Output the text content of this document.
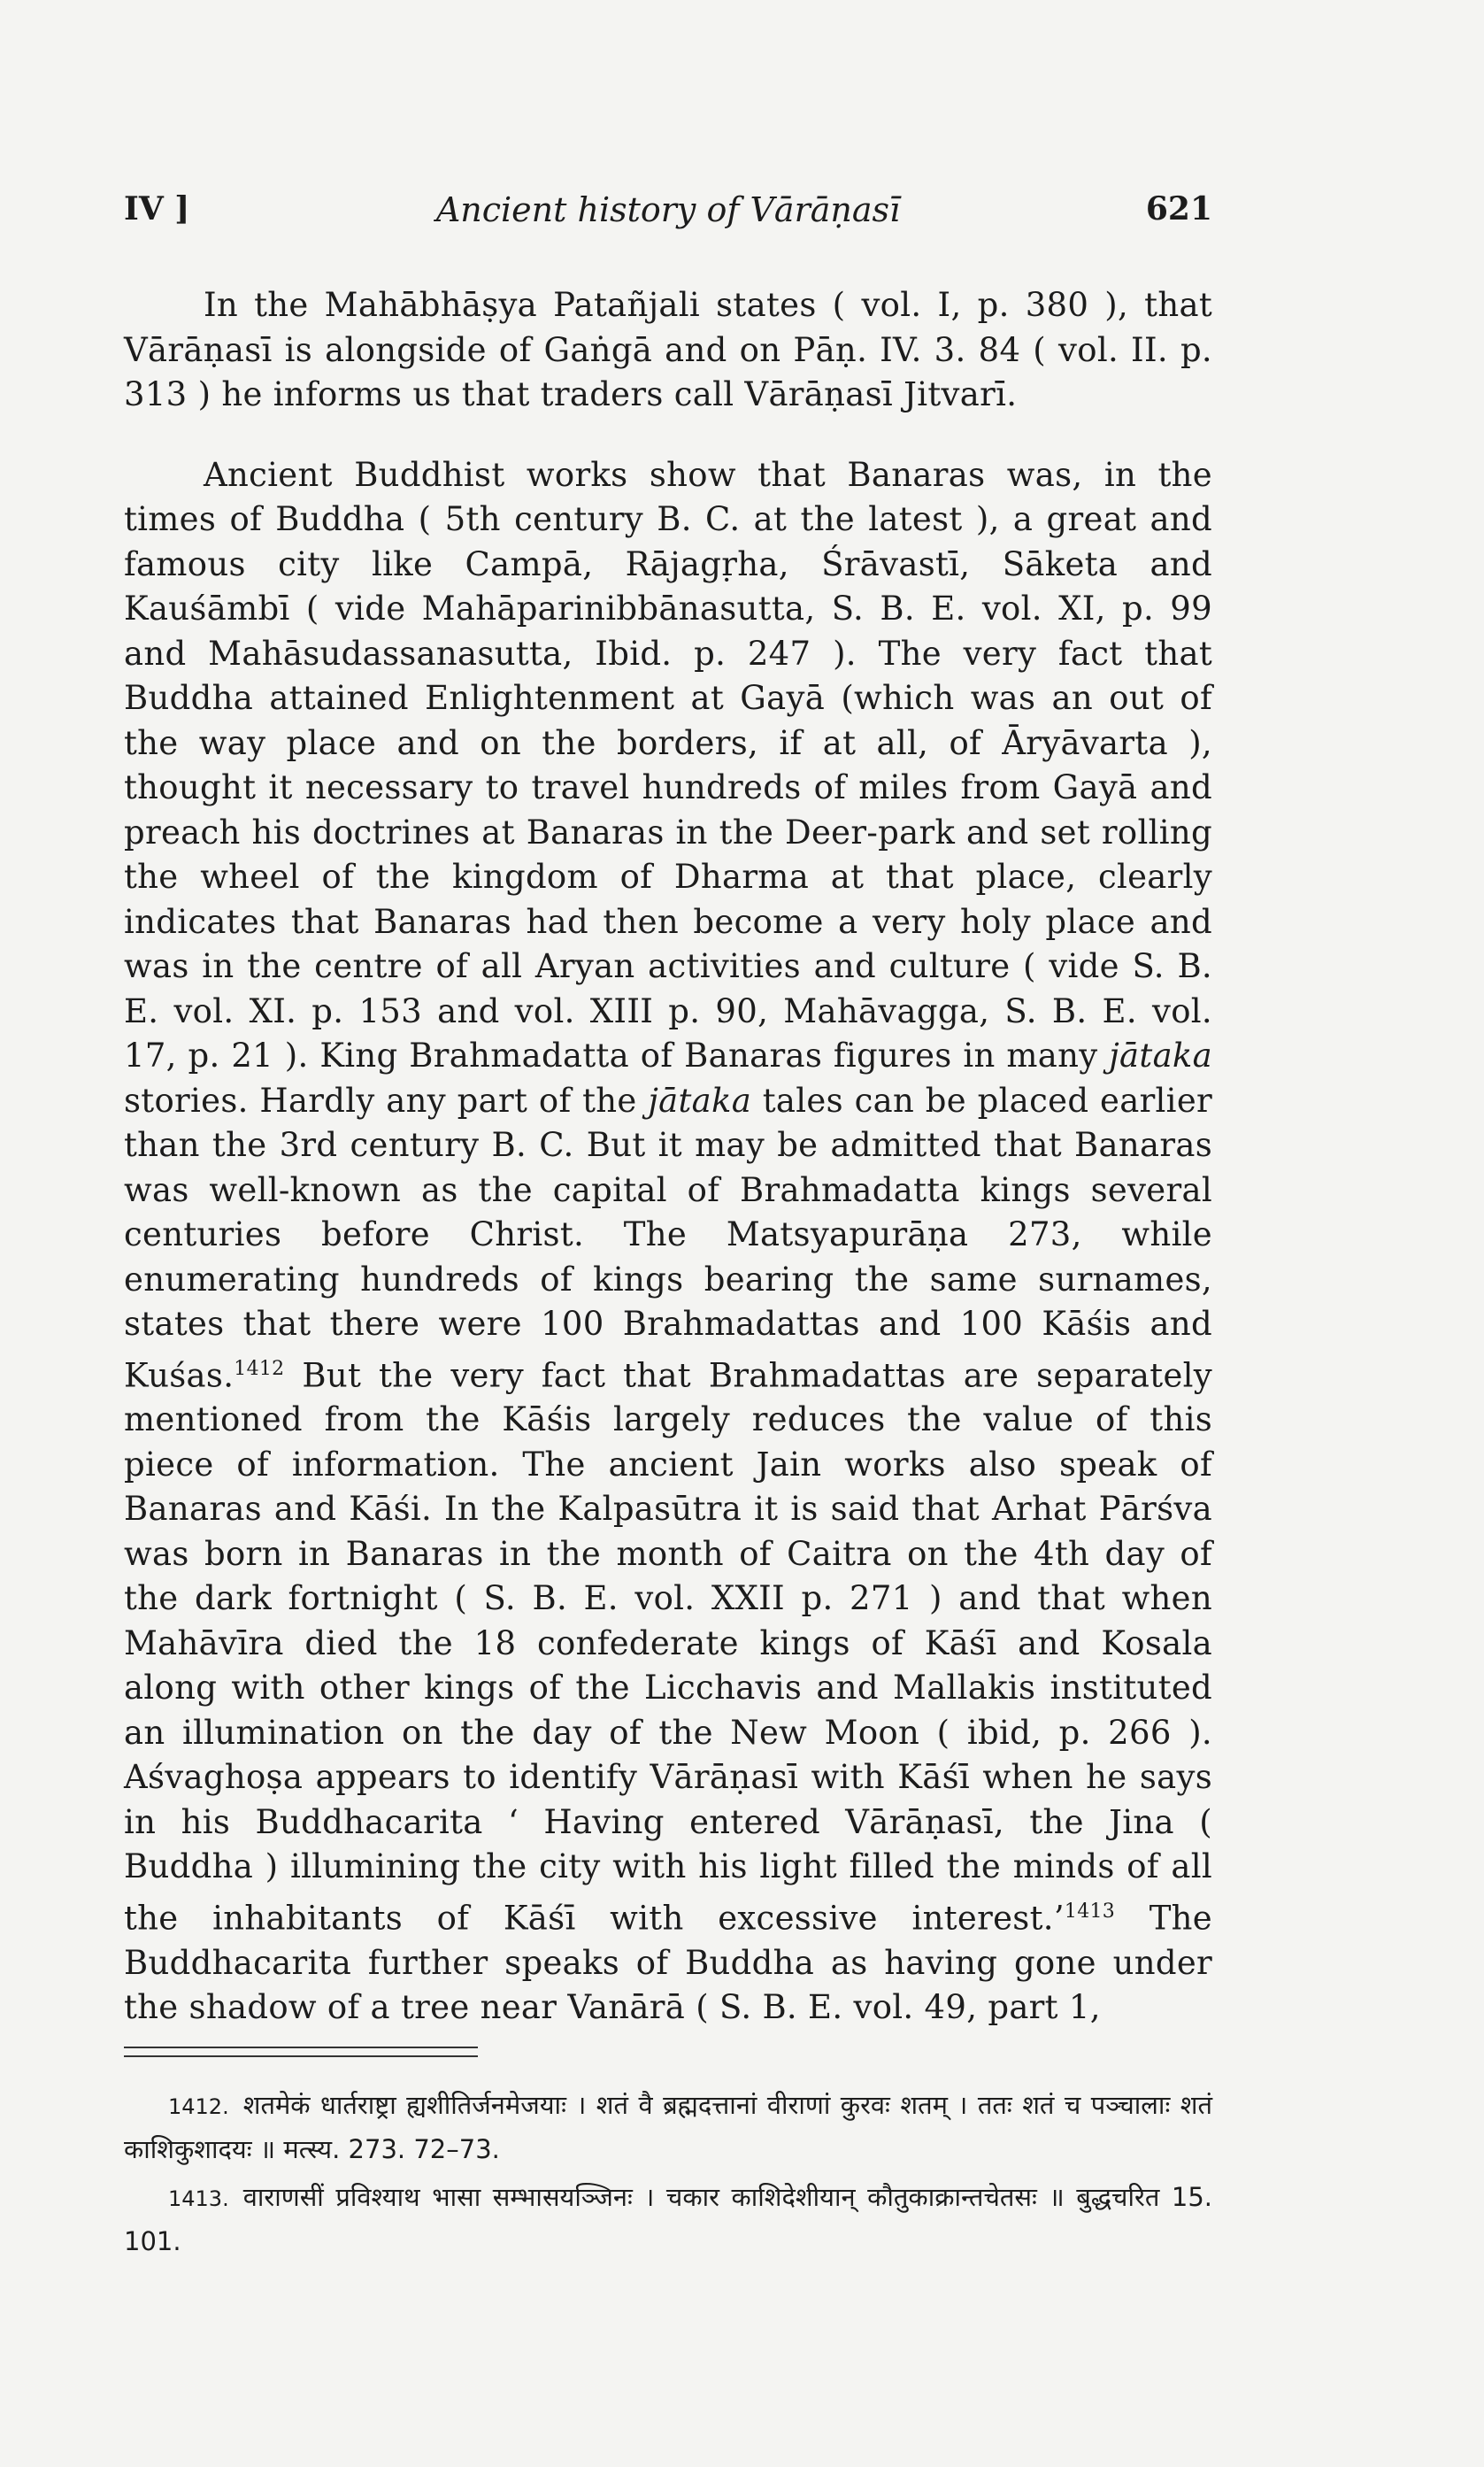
IV ]	Ancient history of Vārāṇasī	621

In the Mahābhāṣya Patañjali states ( vol. I, p. 380 ), that Vārāṇasī is alongside of Gaṅgā and on Pāṇ. IV. 3. 84 ( vol. II. p. 313 ) he informs us that traders call Vārāṇasī Jitvarī.

Ancient Buddhist works show that Banaras was, in the times of Buddha ( 5th century B. C. at the latest ), a great and famous city like Campā, Rājagṛha, Śrāvastī, Sāketa and Kauśāmbī ( vide Mahāparinibbānasutta, S. B. E. vol. XI, p. 99 and Mahāsudassanasutta, Ibid. p. 247 ). The very fact that Buddha attained Enlightenment at Gayā (which was an out of the way place and on the borders, if at all, of Āryāvarta ), thought it necessary to travel hundreds of miles from Gayā and preach his doctrines at Banaras in the Deer-park and set rolling the wheel of the kingdom of Dharma at that place, clearly indicates that Banaras had then become a very holy place and was in the centre of all Aryan activities and culture ( vide S. B. E. vol. XI. p. 153 and vol. XIII p. 90, Mahāvagga, S. B. E. vol. 17, p. 21 ). King Brahmadatta of Banaras figures in many jātaka stories. Hardly any part of the jātaka tales can be placed earlier than the 3rd century B. C. But it may be admitted that Banaras was well-known as the capital of Brahmadatta kings several centuries before Christ. The Matsyapurāṇa 273, while enumerating hundreds of kings bearing the same surnames, states that there were 100 Brahmadattas and 100 Kāśis and Kuśas.$^{1412}$ But the very fact that Brahmadattas are separately mentioned from the Kāśis largely reduces the value of this piece of information. The ancient Jain works also speak of Banaras and Kāśi. In the Kalpasūtra it is said that Arhat Pārśva was born in Banaras in the month of Caitra on the 4th day of the dark fortnight ( S. B. E. vol. XXII p. 271 ) and that when Mahāvīra died the 18 confederate kings of Kāśī and Kosala along with other kings of the Licchavis and Mallakis instituted an illumination on the day of the New Moon ( ibid, p. 266 ). Aśvaghoṣa appears to identify Vārāṇasī with Kāśī when he says in his Buddhacarita ‘ Having entered Vārāṇasī, the Jina ( Buddha ) illumining the city with his light filled the minds of all the inhabitants of Kāśī with excessive interest.’$^{1413}$ The Buddhacarita further speaks of Buddha as having gone under the shadow of a tree near Vanārā ( S. B. E. vol. 49, part 1,

1412. शतमेकं धार्तराष्ट्रा ह्यशीतिर्जनमेजयाः । शतं वै ब्रह्मदत्तानां वीराणां कुरवः शतम् । ततः शतं च पञ्चालाः शतं काशिकुशादयः ॥ मत्स्य. 273. 72–73.

1413. वाराणसीं प्रविश्याथ भासा सम्भासयञ्जिनः । चकार काशिदेशीयान् कौतुकाक्रान्तचेतसः ॥ बुद्धचरित 15. 101.
